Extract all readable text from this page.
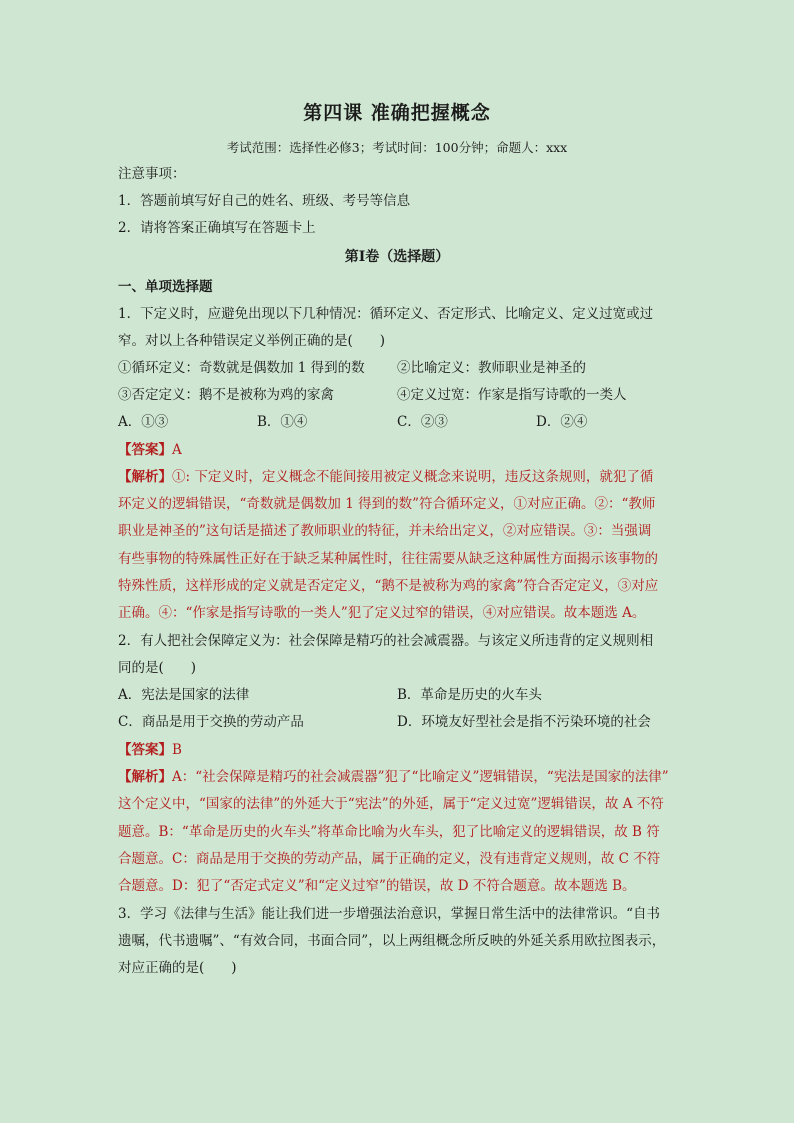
第四课 准确把握概念
考试范围：选择性必修3；考试时间：100分钟；命题人：xxx
注意事项：
1．答题前填写好自己的姓名、班级、考号等信息
2．请将答案正确填写在答题卡上
第I卷（选择题）
一、单项选择题
1．下定义时，应避免出现以下几种情况：循环定义、否定形式、比喻定义、定义过宽或过
窄。对以上各种错误定义举例正确的是(　　)
①循环定义：奇数就是偶数加 1 得到的数 ②比喻定义：教师职业是神圣的
③否定定义：鹅不是被称为鸡的家禽	④定义过宽：作家是指写诗歌的一类人
A．①③	B．①④	C．②③	D．②④
【答案】A
【解析】①: 下定义时，定义概念不能间接用被定义概念来说明，违反这条规则，就犯了循
环定义的逻辑错误，“奇数就是偶数加 1 得到的数”符合循环定义，①对应正确。②：“教师
职业是神圣的”这句话是描述了教师职业的特征，并未给出定义，②对应错误。③：当强调
有些事物的特殊属性正好在于缺乏某种属性时，往往需要从缺乏这种属性方面揭示该事物的
特殊性质，这样形成的定义就是否定定义，“鹅不是被称为鸡的家禽”符合否定定义，③对应
正确。④：“作家是指写诗歌的一类人”犯了定义过窄的错误，④对应错误。故本题选 A。
2．有人把社会保障定义为：社会保障是精巧的社会减震器。与该定义所违背的定义规则相
同的是(　　)
A．宪法是国家的法律	B．革命是历史的火车头
C．商品是用于交换的劳动产品	D．环境友好型社会是指不污染环境的社会
【答案】B
【解析】A：“社会保障是精巧的社会减震器”犯了“比喻定义”逻辑错误，“宪法是国家的法律”
这个定义中，“国家的法律”的外延大于“宪法”的外延，属于“定义过宽”逻辑错误，故 A 不符
题意。B：“革命是历史的火车头”将革命比喻为火车头，犯了比喻定义的逻辑错误，故 B 符
合题意。C：商品是用于交换的劳动产品，属于正确的定义，没有违背定义规则，故 C 不符
合题意。D：犯了“否定式定义”和“定义过窄”的错误，故 D 不符合题意。故本题选 B。
3．学习《法律与生活》能让我们进一步增强法治意识，掌握日常生活中的法律常识。“自书
遗嘱，代书遗嘱”、“有效合同，书面合同”，以上两组概念所反映的外延关系用欧拉图表示，
对应正确的是(　　)
